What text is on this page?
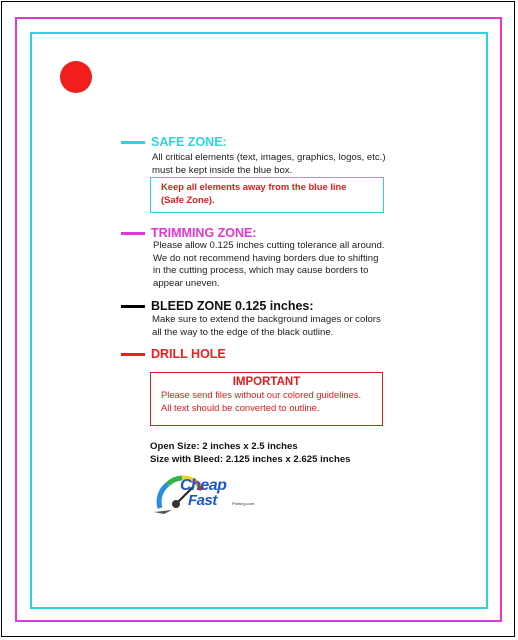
SAFE ZONE:
All critical elements (text, images, graphics, logos, etc.)
must be kept inside the blue box.
Keep all elements away from the blue line
(Safe Zone).
TRIMMING ZONE:
Please allow 0.125 inches cutting tolerance all around.
We do not recommend having borders due to shifting
in the cutting process, which may cause borders to
appear uneven.
BLEED ZONE 0.125 inches:
Make sure to extend the background images or colors
all the way to the edge of the black outline.
DRILL HOLE
IMPORTANT
Please send files without our colored guidelines.
All text should be converted to outline.
Open Size: 2 inches x 2.5 inches
Size with Bleed: 2.125 inches x 2.625 inches
Cheap
Fast	Printing.com
